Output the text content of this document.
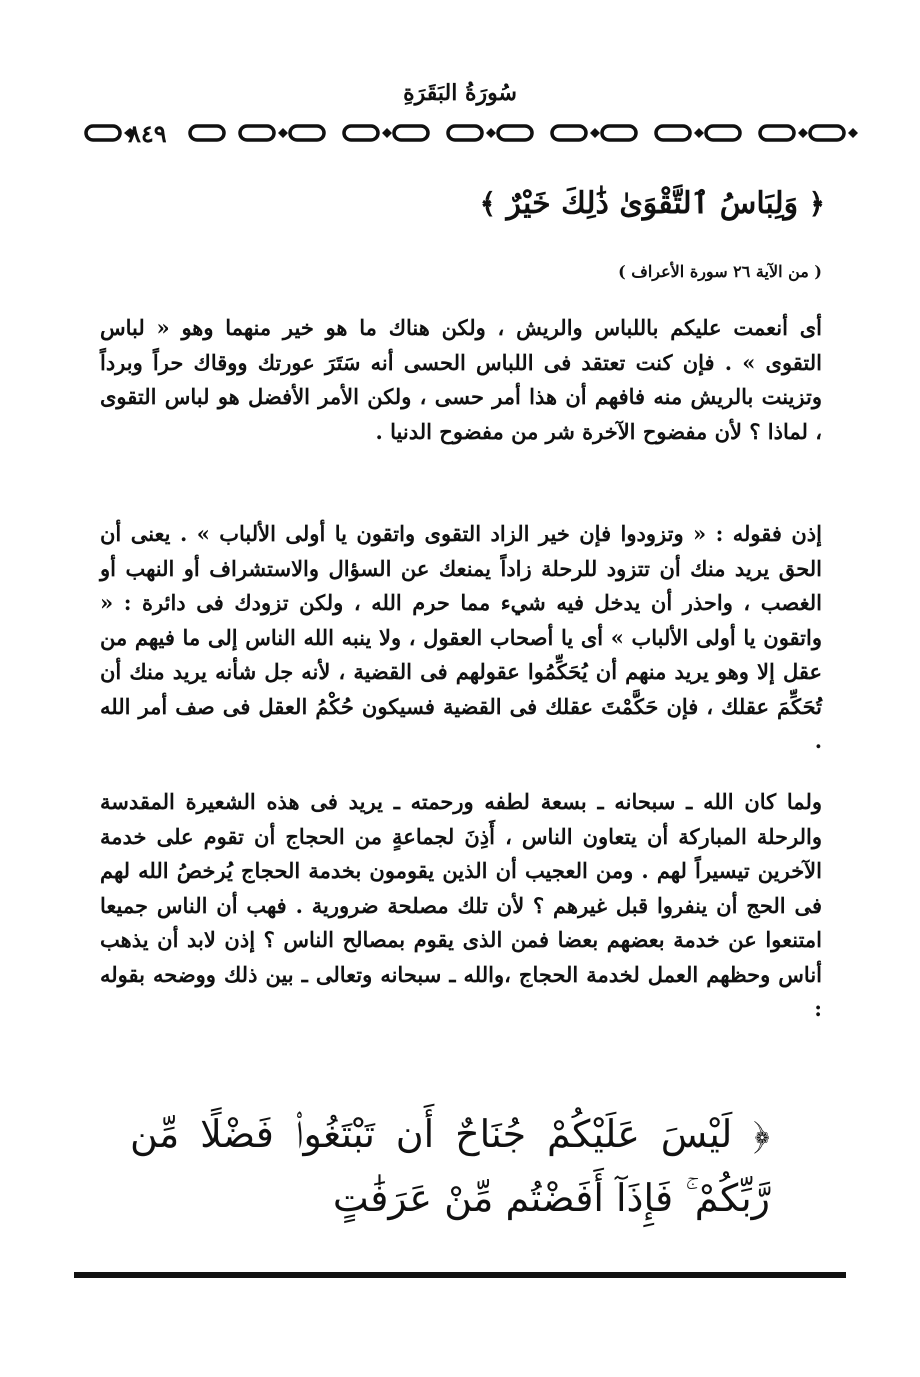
سُورَةُ البَقَرَةِ
٨٤٩
﴿ وَلِبَاسُ ٱلتَّقْوَىٰ ذَٰلِكَ خَيْرٌ ﴾
( من الآية ٢٦ سورة الأعراف )

أى أنعمت عليكم باللباس والريش ، ولكن هناك ما هو خير منهما وهو « لباس التقوى » . فإن كنت تعتقد فى اللباس الحسى أنه سَتَرَ عورتك ووقاك حراً وبرداً وتزينت بالريش منه فافهم أن هذا أمر حسى ، ولكن الأمر الأفضل هو لباس التقوى ، لماذا ؟ لأن مفضوح الآخرة شر من مفضوح الدنيا .

إذن فقوله : « وتزودوا فإن خير الزاد التقوى واتقون يا أولى الألباب » . يعنى أن الحق يريد منك أن تتزود للرحلة زاداً يمنعك عن السؤال والاستشراف أو النهب أو الغصب ، واحذر أن يدخل فيه شيء مما حرم الله ، ولكن تزودك فى دائرة : « واتقون يا أولى الألباب » أى يا أصحاب العقول ، ولا ينبه الله الناس إلى ما فيهم من عقل إلا وهو يريد منهم أن يُحَكِّمُوا عقولهم فى القضية ، لأنه جل شأنه يريد منك أن تُحَكِّمَ عقلك ، فإن حَكَّمْتَ عقلك فى القضية فسيكون حُكْمُ العقل فى صف أمر الله .

ولما كان الله ـ سبحانه ـ بسعة لطفه ورحمته ـ يريد فى هذه الشعيرة المقدسة والرحلة المباركة أن يتعاون الناس ، أَذِنَ لجماعةٍ من الحجاج أن تقوم على خدمة الآخرين تيسيراً لهم . ومن العجيب أن الذين يقومون بخدمة الحجاج يُرخصُ الله لهم فى الحج أن ينفروا قبل غيرهم ؟ لأن تلك مصلحة ضرورية . فهب أن الناس جميعا امتنعوا عن خدمة بعضهم بعضا فمن الذى يقوم بمصالح الناس ؟ إذن لابد أن يذهب أناس وحظهم العمل لخدمة الحجاج ،والله ـ سبحانه وتعالى ـ بين ذلك ووضحه بقوله :

﴿ لَيْسَ عَلَيْكُمْ جُنَاحٌ أَن تَبْتَغُوا۟ فَضْلًا مِّن رَّبِّكُمْ ۚ فَإِذَآ أَفَضْتُم مِّنْ عَرَفَٰتٍ
